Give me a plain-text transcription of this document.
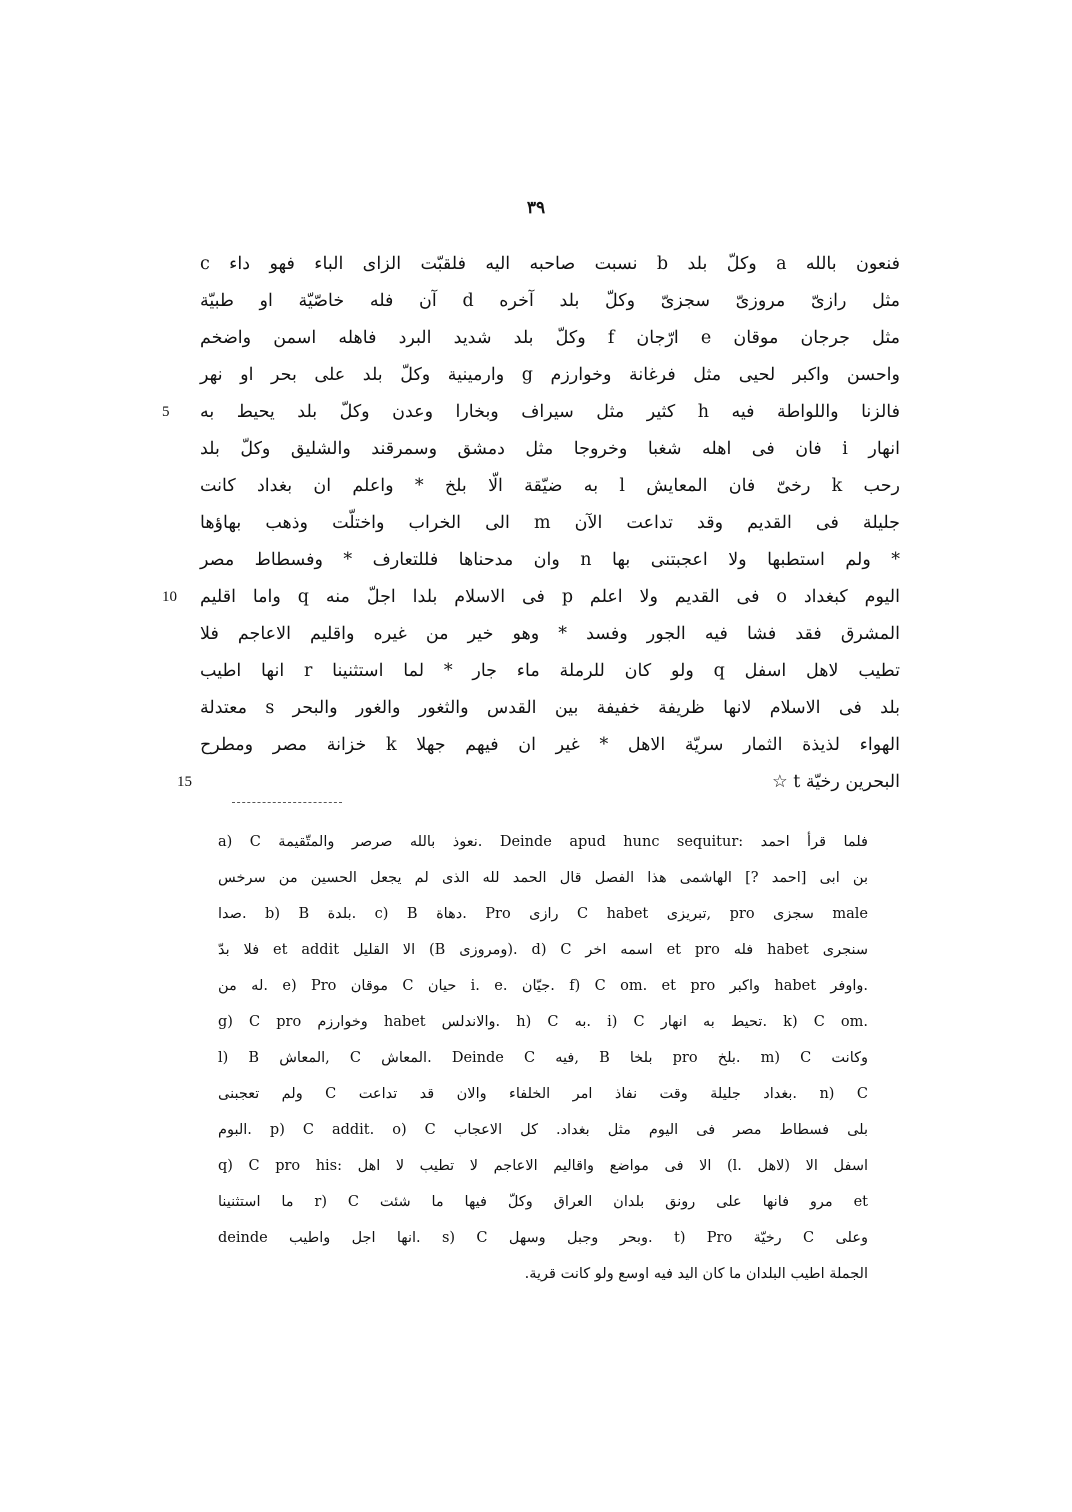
٣٩
فنعون بالله a وكلّ بلد b نسبت صاحبه اليه فلقبّت الزاى الباء فهو داء c
مثل رازىّ مروزىّ سجزىّ وكلّ بلد آخره d آن فله خاصّيّة او طبيّة
مثل جرجان موقان e ارّجان f وكلّ بلد شديد البرد فاهله اسمن واضخم
واحسن واكبر لحيى مثل فرغانة وخوارزم g وارمينية وكلّ بلد على بحر او نهر
5	فالزنا واللواطة فيه h كثير مثل سيراف وبخارا وعدن وكلّ بلد يحيط به
انهار i فان فى اهله شغبا وخروجا مثل دمشق وسمرقند والشليق وكلّ بلد
رحب k رخىّ فان المعايش l به ضيّقة الّا بلخ * واعلم ان بغداد كانت
جليلة فى القديم وقد تداعت الآن m الى الخراب واختلّت وذهب بهاؤها
* ولم استطبها ولا اعجبتنى بها n وان مدحناها فللتعارف * وفسطاط مصر
10	اليوم كبغداد o فى القديم ولا اعلم p فى الاسلام بلدا اجلّ منه q واما اقليم
المشرق فقد فشا فيه الجور وفسد * وهو خير من غيره واقليم الاعاجم فلا
تطيب لاهل اسفل q ولو كان للرملة ماء جار * لما استثنينا r انها اطيب
بلد فى الاسلام لانها ظريفة خفيفة بين القدس والثغور والغور والبحر s معتدلة
الهواء لذيذة الثمار سريّة الاهل * غير ان فيهم جهلا k خزانة مصر ومطرح
15	البحرين رخيّة t ☆
a) C نعوذ بالله صرصر والمتّقيمة. Deinde apud hunc sequitur: فلما قرأ احمد
بن ابى [احمد ?] الهاشمى هذا الفصل قال الحمد لله الذى لم يجعل الحسين من سرخس
صدا. b) B بلدة. c) B دهاة. Pro رازى C habet تبريزى, pro سجزى male
فلا بدّ et addit الا القليل (B ومروزى). d) C اسمه اخر et pro فله habet سنجرى
له من. e) Pro موقان C حيان i. e. جيّان. f) C om. et pro واكبر habet واوفر.
g) C pro وخوارزم habet والاندلس. h) C به. i) C تحيط به انهار. k) C om.
l) B المعاش, C المعاش. Deinde C فيه, B بلخا pro بلخ. m) C وكانت
ولم تعجبنى C بغداد جليلة وقت نفاذ امر الخلفاء والان قد تداعت. n) C
البوم. p) C addit. o) C بلى فسطاط مصر فى اليوم مثل بغداد. كل الاعجاب
q) C pro his: الا فى مواضع واقاليم الاعاجم لا تطيب لا اهل (l. لاهل) اسفل الا
ما استثنينا r) C مرو فانها على رونق بلدان العراق وكلّ فيها ما شئت et
deinde انها اجل واطيب. s) C وبحر وجبل وسهل. t) Pro رخيّة C وعلى
الجملة اطيب البلدان ما كان اليد فيه اوسع ولو كانت قرية.
